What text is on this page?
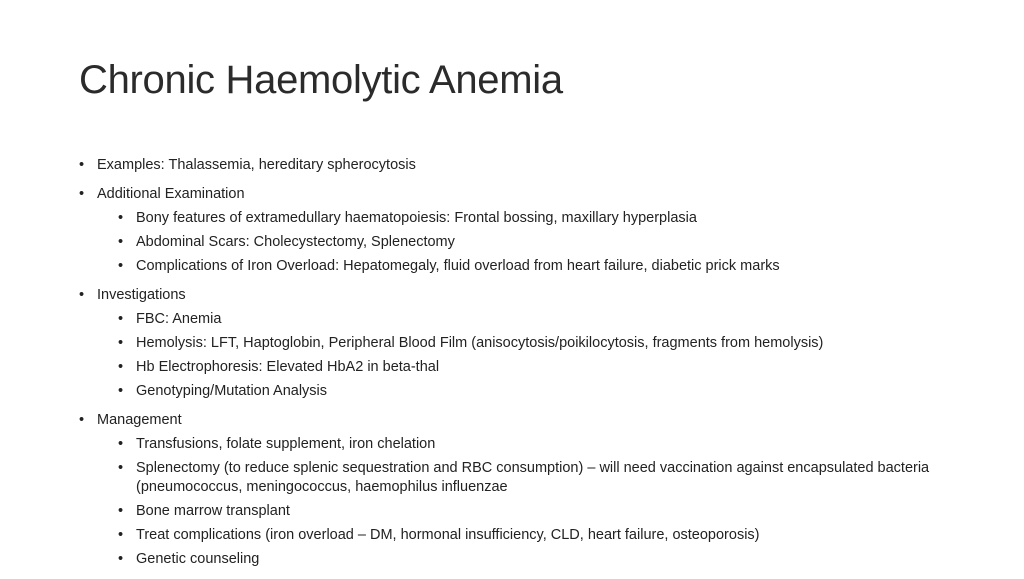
Chronic Haemolytic Anemia
• Examples: Thalassemia, hereditary spherocytosis
• Additional Examination
• Bony features of extramedullary haematopoiesis: Frontal bossing, maxillary hyperplasia
• Abdominal Scars: Cholecystectomy, Splenectomy
• Complications of Iron Overload: Hepatomegaly, fluid overload from heart failure, diabetic prick marks
• Investigations
• FBC: Anemia
• Hemolysis: LFT, Haptoglobin, Peripheral Blood Film (anisocytosis/poikilocytosis, fragments from hemolysis)
• Hb Electrophoresis: Elevated HbA2 in beta-thal
• Genotyping/Mutation Analysis
• Management
• Transfusions, folate supplement, iron chelation
• Splenectomy (to reduce splenic sequestration and RBC consumption) – will need vaccination against encapsulated bacteria (pneumococcus, meningococcus, haemophilus influenzae
• Bone marrow transplant
• Treat complications (iron overload – DM, hormonal insufficiency, CLD, heart failure, osteoporosis)
• Genetic counseling
